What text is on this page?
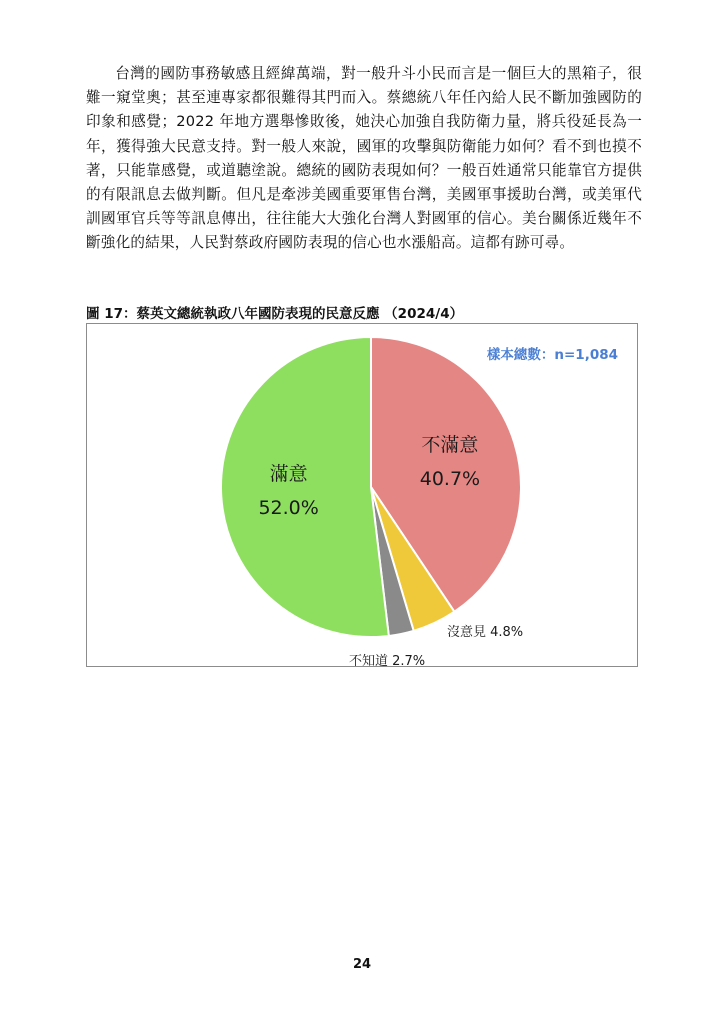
台灣的國防事務敏感且經緯萬端，對一般升斗小民而言是一個巨大的黑箱子，很難一窺堂奧；甚至連專家都很難得其門而入。蔡總統八年任內給人民不斷加強國防的印象和感覺；2022 年地方選舉慘敗後，她決心加強自我防衛力量，將兵役延長為一年，獲得強大民意支持。對一般人來說，國軍的攻擊與防衛能力如何？看不到也摸不著，只能靠感覺，或道聽塗說。總統的國防表現如何？一般百姓通常只能靠官方提供的有限訊息去做判斷。但凡是牽涉美國重要軍售台灣，美國軍事援助台灣，或美軍代訓國軍官兵等等訊息傳出，往往能大大強化台灣人對國軍的信心。美台關係近幾年不斷強化的結果，人民對蔡政府國防表現的信心也水漲船高。這都有跡可尋。

圖 17：蔡英文總統執政八年國防表現的民意反應 （2024/4）

不滿意
40.7%
沒意見 4.8%
不知道 2.7%
滿意
52.0%
樣本總數：n=1,084
24
